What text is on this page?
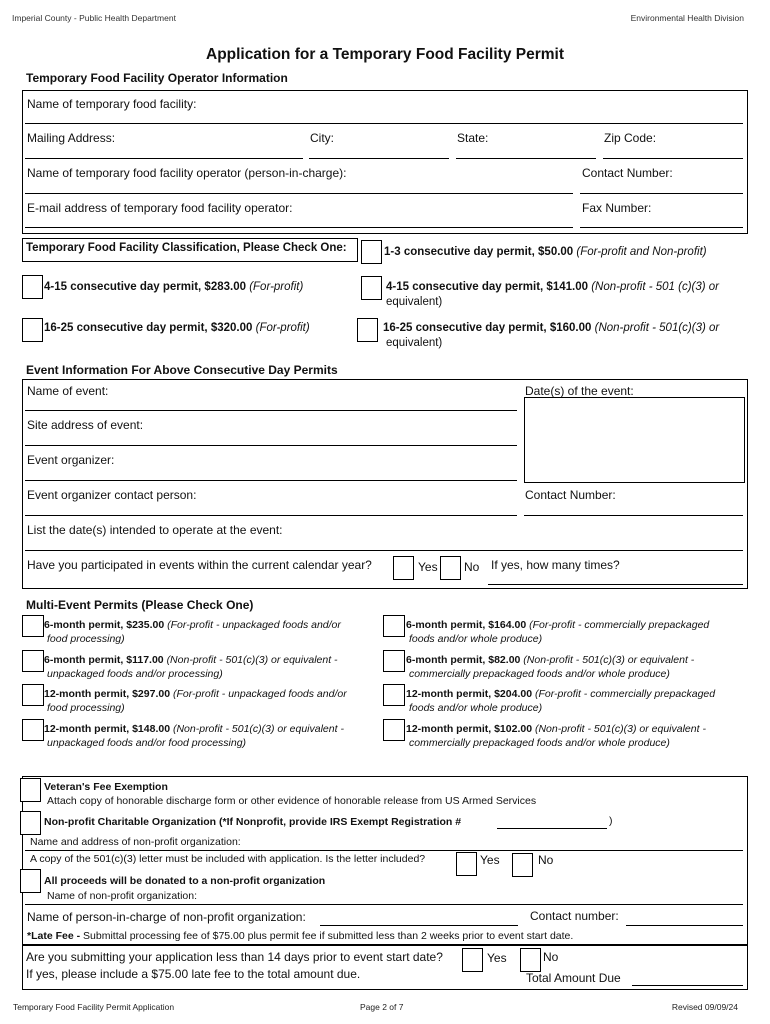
Imperial County - Public Health Department	Environmental Health Division
Application for a Temporary Food Facility Permit
Temporary Food Facility Operator Information
Name of temporary food facility:
Mailing Address:	City:	State:	Zip Code:
Name of temporary food facility operator (person-in-charge):	Contact Number:
E-mail address of temporary food facility operator:	Fax Number:
Temporary Food Facility Classification, Please Check One:	1-3 consecutive day permit, $50.00 (For-profit and Non-profit)
4-15 consecutive day permit, $283.00 (For-profit)	4-15 consecutive day permit, $141.00 (Non-profit - 501 (c)(3) or
equivalent)
16-25 consecutive day permit, $320.00 (For-profit)	16-25 consecutive day permit, $160.00 (Non-profit - 501(c)(3) or
equivalent)
Event Information For Above Consecutive Day Permits
Name of event:	Date(s) of the event:
Site address of event:
Event organizer:
Event organizer contact person:	Contact Number:
List the date(s) intended to operate at the event:
Have you participated in events within the current calendar year?	Yes No If yes, how many times?
Multi-Event Permits (Please Check One)
6-month permit, $235.00 (For-profit - unpackaged foods and/or
food processing)
6-month permit, $164.00 (For-profit - commercially prepackaged
foods and/or whole produce)
6-month permit, $117.00 (Non-profit - 501(c)(3) or equivalent -
unpackaged foods and/or processing)
6-month permit, $82.00 (Non-profit - 501(c)(3) or equivalent -
commercially prepackaged foods and/or whole produce)
12-month permit, $297.00 (For-profit - unpackaged foods and/or
food processing)
12-month permit, $204.00 (For-profit - commercially prepackaged
foods and/or whole produce)
12-month permit, $148.00 (Non-profit - 501(c)(3) or equivalent -
unpackaged foods and/or food processing)
12-month permit, $102.00 (Non-profit - 501(c)(3) or equivalent -
commercially prepackaged foods and/or whole produce)
Veteran's Fee Exemption
Attach copy of honorable discharge form or other evidence of honorable release from US Armed Services
Non-profit Charitable Organization (*If Nonprofit, provide IRS Exempt Registration #	)
Name and address of non-profit organization:
A copy of the 501(c)(3) letter must be included with application. Is the letter included?	Yes	No
All proceeds will be donated to a non-profit organization
Name of non-profit organization:
Name of person-in-charge of non-profit organization:	Contact number:
*Late Fee - Submittal processing fee of $75.00 plus permit fee if submitted less than 2 weeks prior to event start date.
Are you submitting your application less than 14 days prior to event start date?	Yes	No
If yes, please include a $75.00 late fee to the total amount due.	Total Amount Due
Temporary Food Facility Permit Application	Page 2 of 7	Revised 09/09/24
